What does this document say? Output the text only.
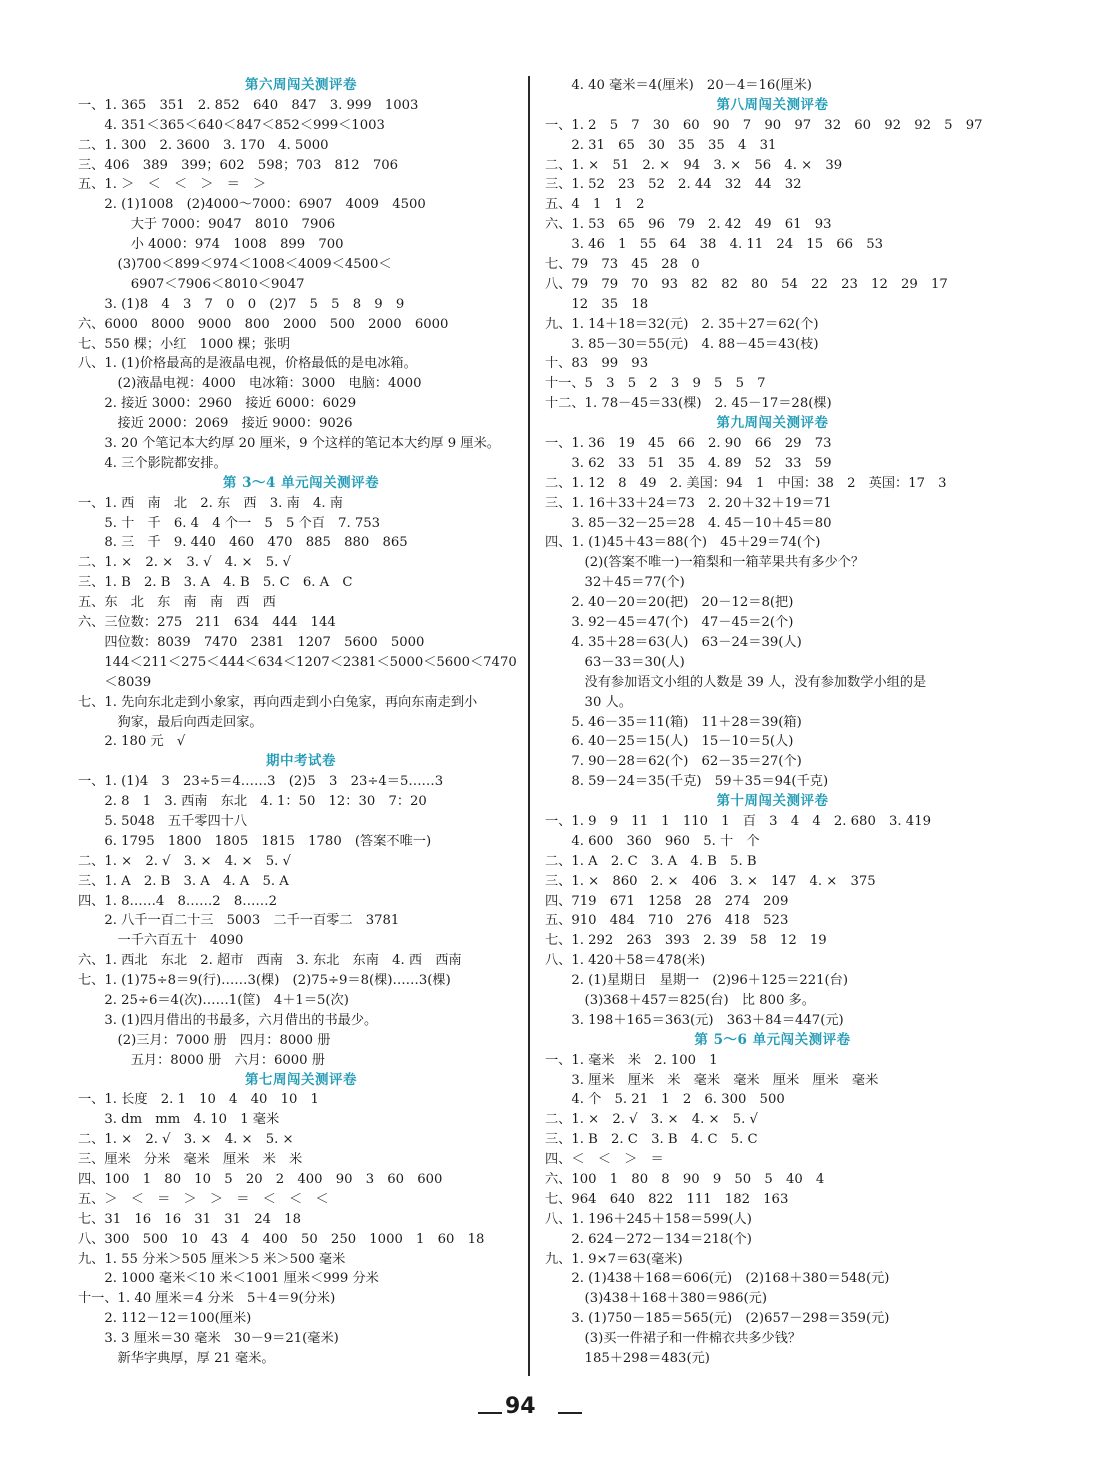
第六周闯关测评卷
一、1. 365　351　2. 852　640　847　3. 999　1003
　　4. 351＜365＜640＜847＜852＜999＜1003
二、1. 300　2. 3600　3. 170　4. 5000
三、406　389　399；602　598；703　812　706
五、1. ＞　＜　＜　＞　＝　＞
　　2. (1)1008　(2)4000～7000：6907　4009　4500
　　　　大于 7000：9047　8010　7906
　　　　小 4000：974　1008　899　700
　　　(3)700＜899＜974＜1008＜4009＜4500＜
　　　　6907＜7906＜8010＜9047
　　3. (1)8　4　3　7　0　0　(2)7　5　5　8　9　9
六、6000　8000　9000　800　2000　500　2000　6000
七、550 棵；小红　1000 棵；张明
八、1. (1)价格最高的是液晶电视，价格最低的是电冰箱。
　　　(2)液晶电视：4000　电冰箱：3000　电脑：4000
　　2. 接近 3000：2960　接近 6000：6029
　　　接近 2000：2069　接近 9000：9026
　　3. 20 个笔记本大约厚 20 厘米，9 个这样的笔记本大约厚 9 厘米。
　　4. 三个影院都安排。
第 3～4 单元闯关测评卷
一、1. 西　南　北　2. 东　西　3. 南　4. 南
　　5. 十　千　6. 4　4 个一　5　5 个百　7. 753
　　8. 三　千　9. 440　460　470　885　880　865
二、1. ×　2. ×　3. √　4. ×　5. √
三、1. B　2. B　3. A　4. B　5. C　6. A　C
五、东　北　东　南　南　西　西
六、三位数：275　211　634　444　144
　　四位数：8039　7470　2381　1207　5600　5000
　　144＜211＜275＜444＜634＜1207＜2381＜5000＜5600＜7470
　　＜8039
七、1. 先向东北走到小象家，再向西走到小白兔家，再向东南走到小
　　　狗家，最后向西走回家。
　　2. 180 元　√
期中考试卷
一、1. (1)4　3　23÷5＝4……3　(2)5　3　23÷4＝5……3
　　2. 8　1　3. 西南　东北　4. 1：50　12：30　7：20
　　5. 5048　五千零四十八
　　6. 1795　1800　1805　1815　1780　(答案不唯一)
二、1. ×　2. √　3. ×　4. ×　5. √
三、1. A　2. B　3. A　4. A　5. A
四、1. 8……4　8……2　8……2
　　2. 八千一百二十三　5003　二千一百零二　3781
　　　一千六百五十　4090
六、1. 西北　东北　2. 超市　西南　3. 东北　东南　4. 西　西南
七、1. (1)75÷8＝9(行)……3(棵)　(2)75÷9＝8(棵)……3(棵)
　　2. 25÷6＝4(次)……1(筐)　4＋1＝5(次)
　　3. (1)四月借出的书最多，六月借出的书最少。
　　　(2)三月：7000 册　四月：8000 册
　　　　五月：8000 册　六月：6000 册
第七周闯关测评卷
一、1. 长度　2. 1　10　4　40　10　1
　　3. dm　mm　4. 10　1 毫米
二、1. ×　2. √　3. ×　4. ×　5. ×
三、厘米　分米　毫米　厘米　米　米
四、100　1　80　10　5　20　2　400　90　3　60　600
五、＞　＜　＝　＞　＞　＝　＜　＜　＜
七、31　16　16　31　31　24　18
八、300　500　10　43　4　400　50　250　1000　1　60　18
九、1. 55 分米＞505 厘米＞5 米＞500 毫米
　　2. 1000 毫米＜10 米＜1001 厘米＜999 分米
十一、1. 40 厘米＝4 分米　5＋4＝9(分米)
　　2. 112－12＝100(厘米)
　　3. 3 厘米＝30 毫米　30－9＝21(毫米)
　　　新华字典厚，厚 21 毫米。
　　4. 40 毫米＝4(厘米)　20－4＝16(厘米)
第八周闯关测评卷
一、1. 2　5　7　30　60　90　7　90　97　32　60　92　92　5　97
　　2. 31　65　30　35　35　4　31
二、1. ×　51　2. ×　94　3. ×　56　4. ×　39
三、1. 52　23　52　2. 44　32　44　32
五、4　1　1　2
六、1. 53　65　96　79　2. 42　49　61　93
　　3. 46　1　55　64　38　4. 11　24　15　66　53
七、79　73　45　28　0
八、79　79　70　93　82　82　80　54　22　23　12　29　17
　　12　35　18
九、1. 14＋18＝32(元)　2. 35＋27＝62(个)
　　3. 85－30＝55(元)　4. 88－45＝43(枝)
十、83　99　93
十一、5　3　5　2　3　9　5　5　7
十二、1. 78－45＝33(棵)　2. 45－17＝28(棵)
第九周闯关测评卷
一、1. 36　19　45　66　2. 90　66　29　73
　　3. 62　33　51　35　4. 89　52　33　59
二、1. 12　8　49　2. 美国：94　1　中国：38　2　英国：17　3
三、1. 16＋33＋24＝73　2. 20＋32＋19＝71
　　3. 85－32－25＝28　4. 45－10＋45＝80
四、1. (1)45＋43＝88(个)　45＋29＝74(个)
　　　(2)(答案不唯一)一箱梨和一箱苹果共有多少个？
　　　32＋45＝77(个)
　　2. 40－20＝20(把)　20－12＝8(把)
　　3. 92－45＝47(个)　47－45＝2(个)
　　4. 35＋28＝63(人)　63－24＝39(人)
　　　63－33＝30(人)
　　　没有参加语文小组的人数是 39 人，没有参加数学小组的是
　　　30 人。
　　5. 46－35＝11(箱)　11＋28＝39(箱)
　　6. 40－25＝15(人)　15－10＝5(人)
　　7. 90－28＝62(个)　62－35＝27(个)
　　8. 59－24＝35(千克)　59＋35＝94(千克)
第十周闯关测评卷
一、1. 9　9　11　1　110　1　百　3　4　4　2. 680　3. 419
　　4. 600　360　960　5. 十　个
二、1. A　2. C　3. A　4. B　5. B
三、1. ×　860　2. ×　406　3. ×　147　4. ×　375
四、719　671　1258　28　274　209
五、910　484　710　276　418　523
七、1. 292　263　393　2. 39　58　12　19
八、1. 420＋58＝478(米)
　　2. (1)星期日　星期一　(2)96＋125＝221(台)
　　　(3)368＋457＝825(台)　比 800 多。
　　3. 198＋165＝363(元)　363＋84＝447(元)
第 5～6 单元闯关测评卷
一、1. 毫米　米　2. 100　1
　　3. 厘米　厘米　米　毫米　毫米　厘米　厘米　毫米
　　4. 个　5. 21　1　2　6. 300　500
二、1. ×　2. √　3. ×　4. ×　5. √
三、1. B　2. C　3. B　4. C　5. C
四、＜　＜　＞　＝
六、100　1　80　8　90　9　50　5　40　4
七、964　640　822　111　182　163
八、1. 196＋245＋158＝599(人)
　　2. 624－272－134＝218(个)
九、1. 9×7＝63(毫米)
　　2. (1)438＋168＝606(元)　(2)168＋380＝548(元)
　　　(3)438＋168＋380＝986(元)
　　3. (1)750－185＝565(元)　(2)657－298＝359(元)
　　　(3)买一件裙子和一件棉衣共多少钱？
　　　185＋298＝483(元)
94
